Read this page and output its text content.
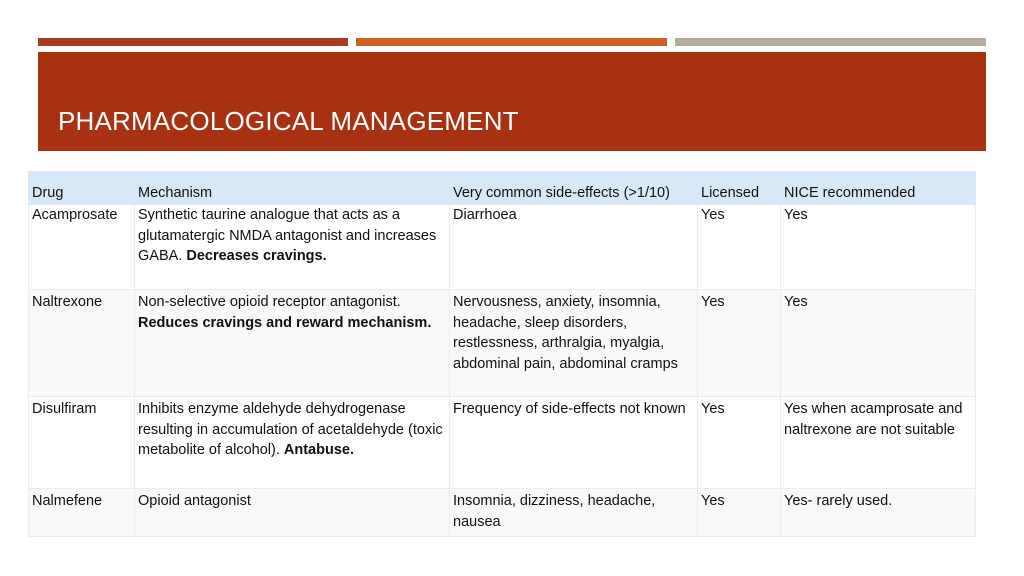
PHARMACOLOGICAL MANAGEMENT
Drug	Mechanism	Very common side-effects (>1/10)	Licensed	NICE recommended
Acamprosate	Synthetic taurine analogue that acts as a glutamatergic NMDA antagonist and increases GABA. Decreases cravings.	Diarrhoea	Yes	Yes
Naltrexone	Non-selective opioid receptor antagonist. Reduces cravings and reward mechanism.	Nervousness, anxiety, insomnia, headache, sleep disorders, restlessness, arthralgia, myalgia, abdominal pain, abdominal cramps	Yes	Yes
Disulfiram	Inhibits enzyme aldehyde dehydrogenase resulting in accumulation of acetaldehyde (toxic metabolite of alcohol). Antabuse.	Frequency of side-effects not known	Yes	Yes when acamprosate and naltrexone are not suitable
Nalmefene	Opioid antagonist	Insomnia, dizziness, headache, nausea	Yes	Yes- rarely used.
